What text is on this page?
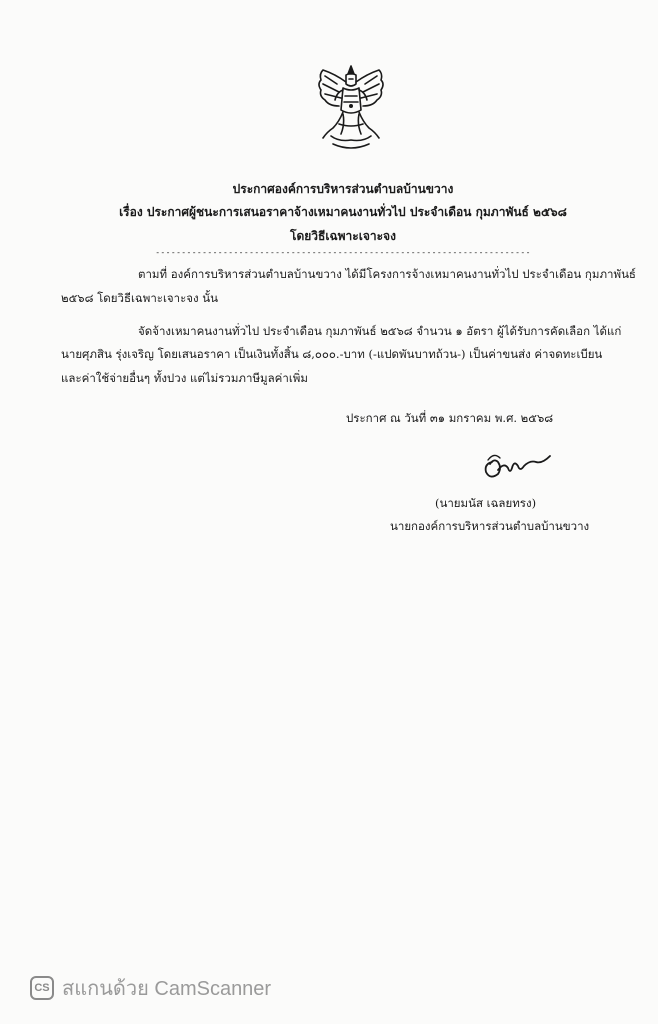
ประกาศองค์การบริหารส่วนตำบลบ้านขวาง
เรื่อง ประกาศผู้ชนะการเสนอราคาจ้างเหมาคนงานทั่วไป ประจำเดือน กุมภาพันธ์ ๒๕๖๘
โดยวิธีเฉพาะเจาะจง
------------------------------------------------------------------------
ตามที่ องค์การบริหารส่วนตำบลบ้านขวาง ได้มีโครงการจ้างเหมาคนงานทั่วไป ประจำเดือน กุมภาพันธ์
๒๕๖๘ โดยวิธีเฉพาะเจาะจง นั้น
จัดจ้างเหมาคนงานทั่วไป ประจำเดือน กุมภาพันธ์ ๒๕๖๘ จำนวน ๑ อัตรา ผู้ได้รับการคัดเลือก ได้แก่
นายศุภสิน รุ่งเจริญ โดยเสนอราคา เป็นเงินทั้งสิ้น ๘,๐๐๐.-บาท (-แปดพันบาทถ้วน-) เป็นค่าขนส่ง ค่าจดทะเบียน
และค่าใช้จ่ายอื่นๆ ทั้งปวง แต่ไม่รวมภาษีมูลค่าเพิ่ม
ประกาศ ณ วันที่ ๓๑ มกราคม พ.ศ. ๒๕๖๘
(นายมนัส เฉลยทรง)
นายกองค์การบริหารส่วนตำบลบ้านขวาง
CS สแกนด้วย CamScanner
